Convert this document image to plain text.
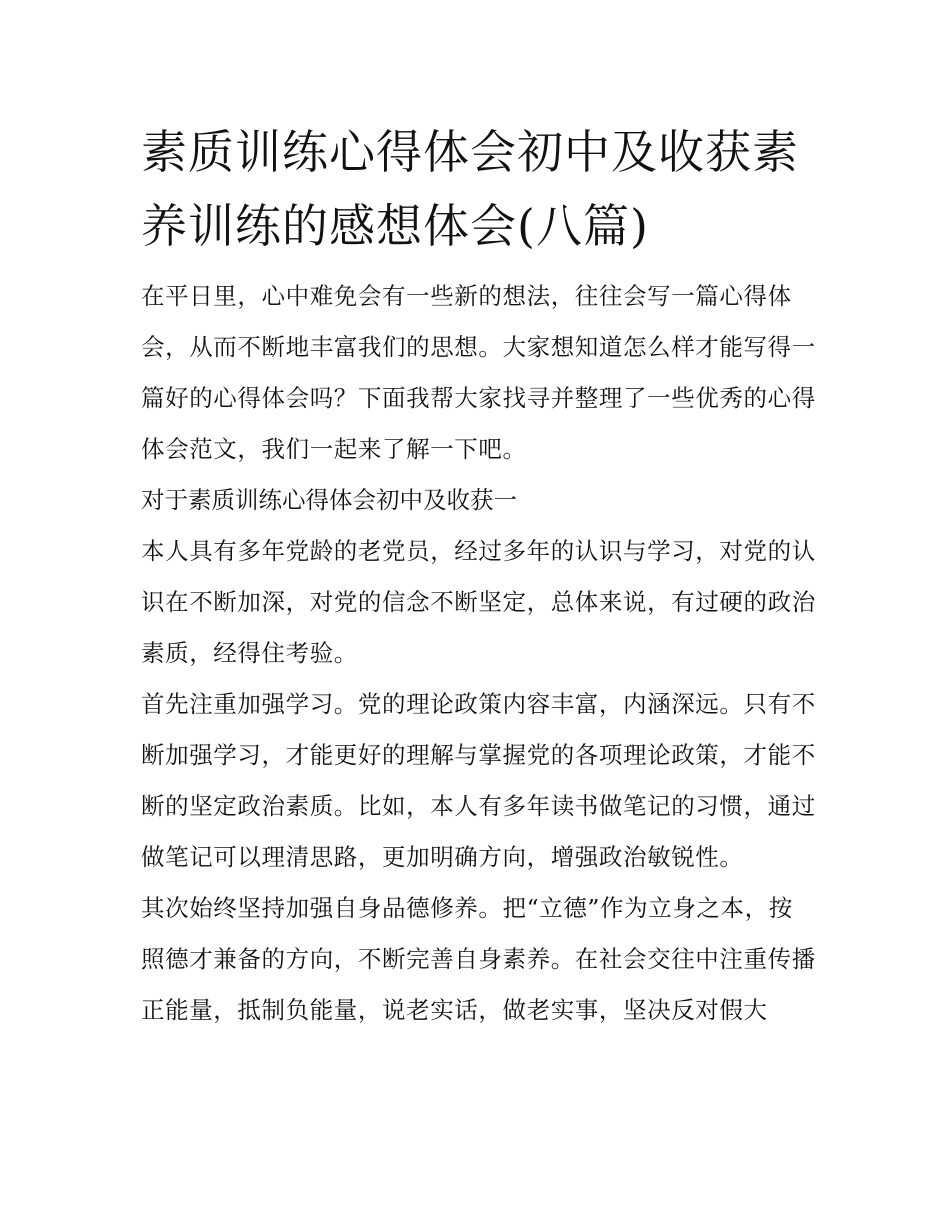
素质训练心得体会初中及收获素养训练的感想体会(八篇)

在平日里，心中难免会有一些新的想法，往往会写一篇心得体会，从而不断地丰富我们的思想。大家想知道怎么样才能写得一篇好的心得体会吗？下面我帮大家找寻并整理了一些优秀的心得体会范文，我们一起来了解一下吧。

对于素质训练心得体会初中及收获一

本人具有多年党龄的老党员，经过多年的认识与学习，对党的认识在不断加深，对党的信念不断坚定，总体来说，有过硬的政治素质，经得住考验。

首先注重加强学习。党的理论政策内容丰富，内涵深远。只有不断加强学习，才能更好的理解与掌握党的各项理论政策，才能不断的坚定政治素质。比如，本人有多年读书做笔记的习惯，通过做笔记可以理清思路，更加明确方向，增强政治敏锐性。

其次始终坚持加强自身品德修养。把“立德”作为立身之本，按照德才兼备的方向，不断完善自身素养。在社会交往中注重传播正能量，抵制负能量，说老实话，做老实事，坚决反对假大
